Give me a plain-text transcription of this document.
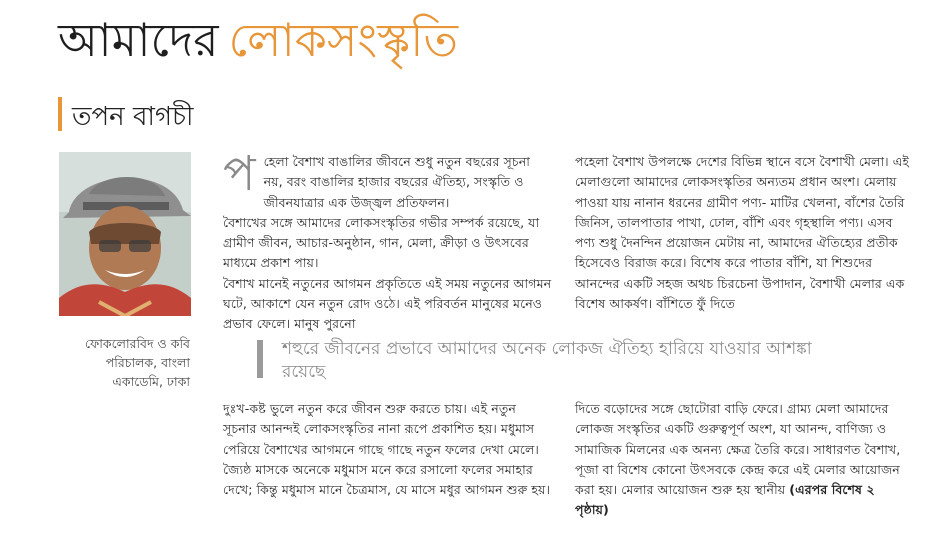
আমাদের লোকসংস্কৃতি
তপন বাগচী
ফোকলোরবিদ ও কবি
পরিচালক, বাংলা
একাডেমি, ঢাকা
প হেলা বৈশাখ বাঙালির জীবনে শুধু নতুন বছরের সূচনা নয়, বরং বাঙালির হাজার বছরের ঐতিহ্য, সংস্কৃতি ও জীবনযাত্রার এক উজ্জ্বল প্রতিফলন।

বৈশাখের সঙ্গে আমাদের লোকসংস্কৃতির গভীর সম্পর্ক রয়েছে, যা গ্রামীণ জীবন, আচার-অনুষ্ঠান, গান, মেলা, ক্রীড়া ও উৎসবের মাধ্যমে প্রকাশ পায়।

বৈশাখ মানেই নতুনের আগমন প্রকৃতিতে এই সময় নতুনের আগমন ঘটে, আকাশে যেন নতুন রোদ ওঠে। এই পরিবর্তন মানুষের মনেও প্রভাব ফেলে। মানুষ পুরনো

পহেলা বৈশাখ উপলক্ষে দেশের বিভিন্ন স্থানে বসে বৈশাখী মেলা। এই মেলাগুলো আমাদের লোকসংস্কৃতির অন্যতম প্রধান অংশ। মেলায় পাওয়া যায় নানান ধরনের গ্রামীণ পণ্য- মাটির খেলনা, বাঁশের তৈরি জিনিস, তালপাতার পাখা, ঢোল, বাঁশি এবং গৃহস্থালি পণ্য। এসব পণ্য শুধু দৈনন্দিন প্রয়োজন মেটায় না, আমাদের ঐতিহ্যের প্রতীক হিসেবেও বিরাজ করে। বিশেষ করে পাতার বাঁশি, যা শিশুদের আনন্দের একটি সহজ অথচ চিরচেনা উপাদান, বৈশাখী মেলার এক বিশেষ আকর্ষণ। বাঁশিতে ফুঁ দিতে

শহুরে জীবনের প্রভাবে আমাদের অনেক লোকজ ঐতিহ্য হারিয়ে যাওয়ার আশঙ্কা রয়েছে

দুঃখ-কষ্ট ভুলে নতুন করে জীবন শুরু করতে চায়। এই নতুন সূচনার আনন্দই লোকসংস্কৃতির নানা রূপে প্রকাশিত হয়। মধুমাস পেরিয়ে বৈশাখের আগমনে গাছে গাছে নতুন ফলের দেখা মেলে। জ্যৈষ্ঠ মাসকে অনেকে মধুমাস মনে করে রসালো ফলের সমাহার দেখে; কিন্তু মধুমাস মানে চৈত্রমাস, যে মাসে মধুর আগমন শুরু হয়।

দিতে বড়োদের সঙ্গে ছোটোরা বাড়ি ফেরে। গ্রাম্য মেলা আমাদের লোকজ সংস্কৃতির একটি গুরুত্বপূর্ণ অংশ, যা আনন্দ, বাণিজ্য ও সামাজিক মিলনের এক অনন্য ক্ষেত্র তৈরি করে। সাধারণত বৈশাখ, পূজা বা বিশেষ কোনো উৎসবকে কেন্দ্র করে এই মেলার আয়োজন করা হয়। মেলার আয়োজন শুরু হয় স্থানীয় (এরপর বিশেষ ২ পৃষ্ঠায়)
